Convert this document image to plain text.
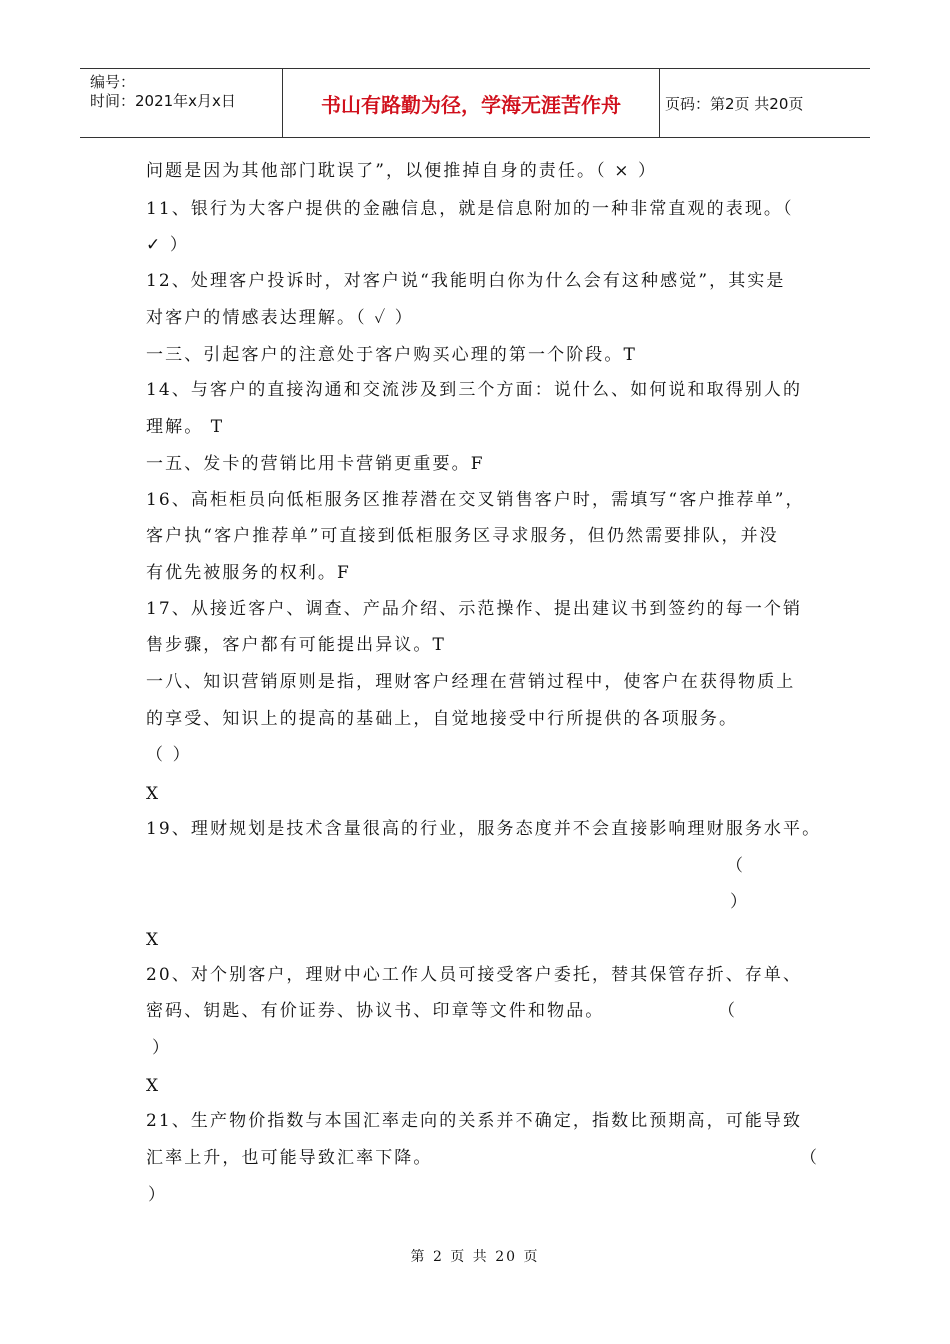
编号：
时间：2021年x月x日	书山有路勤为径，学海无涯苦作舟	页码：第2页 共20页
问题是因为其他部门耽误了”，以便推掉自身的责任。（ × ）
11、银行为大客户提供的金融信息，就是信息附加的一种非常直观的表现。（
✓ ）
12、处理客户投诉时，对客户说“我能明白你为什么会有这种感觉”，其实是
对客户的情感表达理解。（ ✓ ）
一三、引起客户的注意处于客户购买心理的第一个阶段。T
14、与客户的直接沟通和交流涉及到三个方面：说什么、如何说和取得别人的
理解。 T
一五、发卡的营销比用卡营销更重要。F
16、高柜柜员向低柜服务区推荐潜在交叉销售客户时，需填写“客户推荐单”，
客户执“客户推荐单”可直接到低柜服务区寻求服务，但仍然需要排队，并没
有优先被服务的权利。F
17、从接近客户、调查、产品介绍、示范操作、提出建议书到签约的每一个销
售步骤，客户都有可能提出异议。T
一八、知识营销原则是指，理财客户经理在营销过程中，使客户在获得物质上
的享受、知识上的提高的基础上，自觉地接受中行所提供的各项服务。
（ ）
X
19、理财规划是技术含量很高的行业，服务态度并不会直接影响理财服务水平。
（
）
X
20、对个别客户，理财中心工作人员可接受客户委托，替其保管存折、存单、
密码、钥匙、有价证券、协议书、印章等文件和物品。	（
）
X
21、生产物价指数与本国汇率走向的关系并不确定，指数比预期高，可能导致
汇率上升，也可能导致汇率下降。	（
）
第 2 页 共 20 页
